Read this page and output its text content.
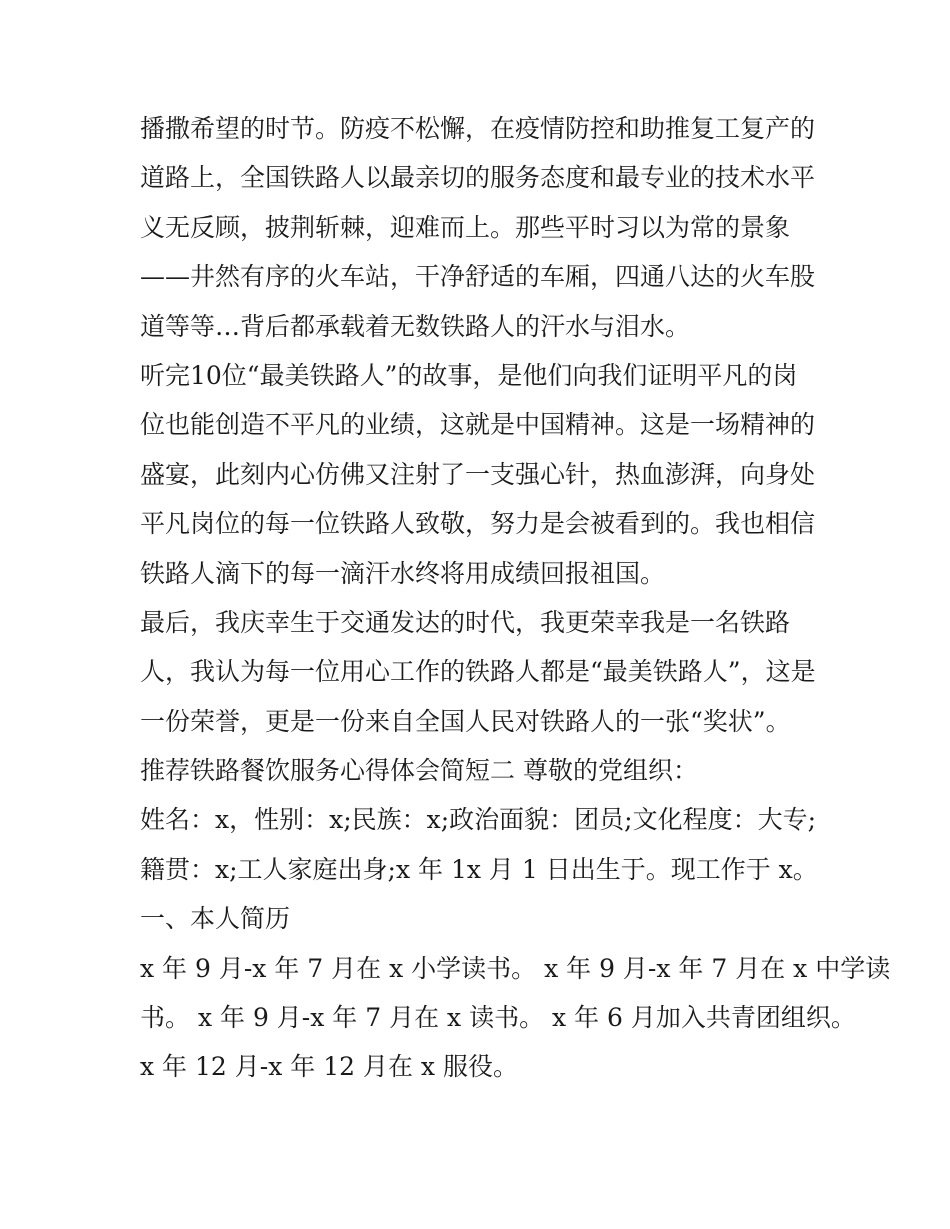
播撒希望的时节。防疫不松懈，在疫情防控和助推复工复产的
道路上，全国铁路人以最亲切的服务态度和最专业的技术水平
义无反顾，披荆斩棘，迎难而上。那些平时习以为常的景象
——井然有序的火车站，干净舒适的车厢，四通八达的火车股
道等等…背后都承载着无数铁路人的汗水与泪水。
听完10位“最美铁路人”的故事，是他们向我们证明平凡的岗
位也能创造不平凡的业绩，这就是中国精神。这是一场精神的
盛宴，此刻内心仿佛又注射了一支强心针，热血澎湃，向身处
平凡岗位的每一位铁路人致敬，努力是会被看到的。我也相信
铁路人滴下的每一滴汗水终将用成绩回报祖国。
最后，我庆幸生于交通发达的时代，我更荣幸我是一名铁路
人，我认为每一位用心工作的铁路人都是“最美铁路人”，这是
一份荣誉，更是一份来自全国人民对铁路人的一张“奖状”。
推荐铁路餐饮服务心得体会简短二 尊敬的党组织：
姓名：x，性别：x;民族：x;政治面貌：团员;文化程度：大专;
籍贯：x;工人家庭出身;x 年 1x 月 1 日出生于。现工作于 x。
一、本人简历
x 年 9 月-x 年 7 月在 x 小学读书。 x 年 9 月-x 年 7 月在 x 中学读
书。 x 年 9 月-x 年 7 月在 x 读书。 x 年 6 月加入共青团组织。
x 年 12 月-x 年 12 月在 x 服役。
